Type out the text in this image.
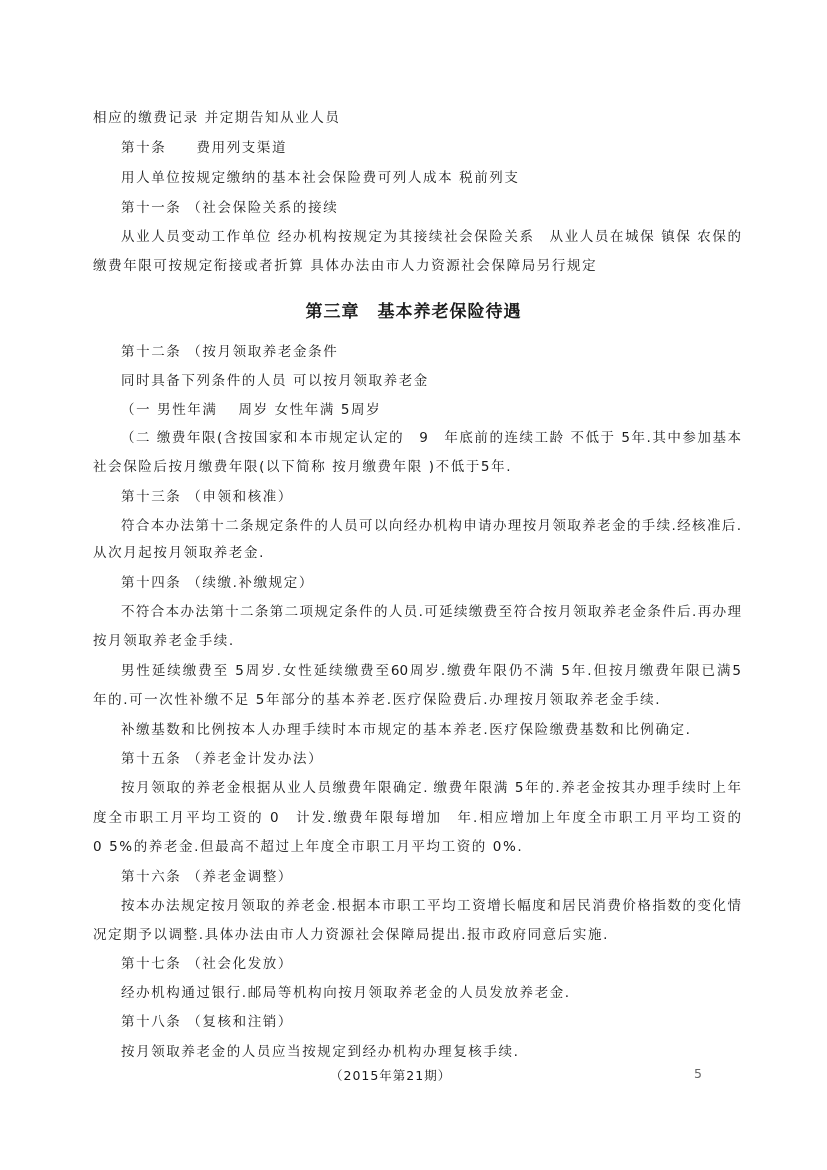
第三章　基本养老保险待遇
相应的缴费记录 并定期告知从业人员
第十条　　费用列支渠道
用人单位按规定缴纳的基本社会保险费可列人成本 税前列支
第十一条 （社会保险关系的接续
从业人员变动工作单位 经办机构按规定为其接续社会保险关系　从业人员在城保 镇保 农保的
缴费年限可按规定衔接或者折算 具体办法由市人力资源社会保障局另行规定
第十二条 （按月领取养老金条件
同时具备下列条件的人员 可以按月领取养老金
（一 男性年满　 周岁 女性年满 5周岁
（二 缴费年限(含按国家和本市规定认定的　9　年底前的连续工龄 不低于 5年.其中参加基本
社会保险后按月缴费年限(以下简称 按月缴费年限 )不低于5年.
第十三条 （申领和核准）
符合本办法第十二条规定条件的人员可以向经办机构申请办理按月领取养老金的手续.经核准后.
从次月起按月领取养老金.
第十四条 （续缴.补缴规定）
不符合本办法第十二条第二项规定条件的人员.可延续缴费至符合按月领取养老金条件后.再办理
按月领取养老金手续.
男性延续缴费至 5周岁.女性延续缴费至60周岁.缴费年限仍不满 5年.但按月缴费年限已满5
年的.可一次性补缴不足 5年部分的基本养老.医疗保险费后.办理按月领取养老金手续.
补缴基数和比例按本人办理手续时本市规定的基本养老.医疗保险缴费基数和比例确定.
第十五条 （养老金计发办法）
按月领取的养老金根据从业人员缴费年限确定. 缴费年限满 5年的.养老金按其办理手续时上年
度全市职工月平均工资的 0　计发.缴费年限每增加　年.相应增加上年度全市职工月平均工资的
0 5%的养老金.但最高不超过上年度全市职工月平均工资的 0%.
第十六条 （养老金调整）
按本办法规定按月领取的养老金.根据本市职工平均工资增长幅度和居民消费价格指数的变化情
况定期予以调整.具体办法由市人力资源社会保障局提出.报市政府同意后实施.
第十七条 （社会化发放）
经办机构通过银行.邮局等机构向按月领取养老金的人员发放养老金.
第十八条 （复核和注销）
按月领取养老金的人员应当按规定到经办机构办理复核手续.
（2015年第21期）	5
